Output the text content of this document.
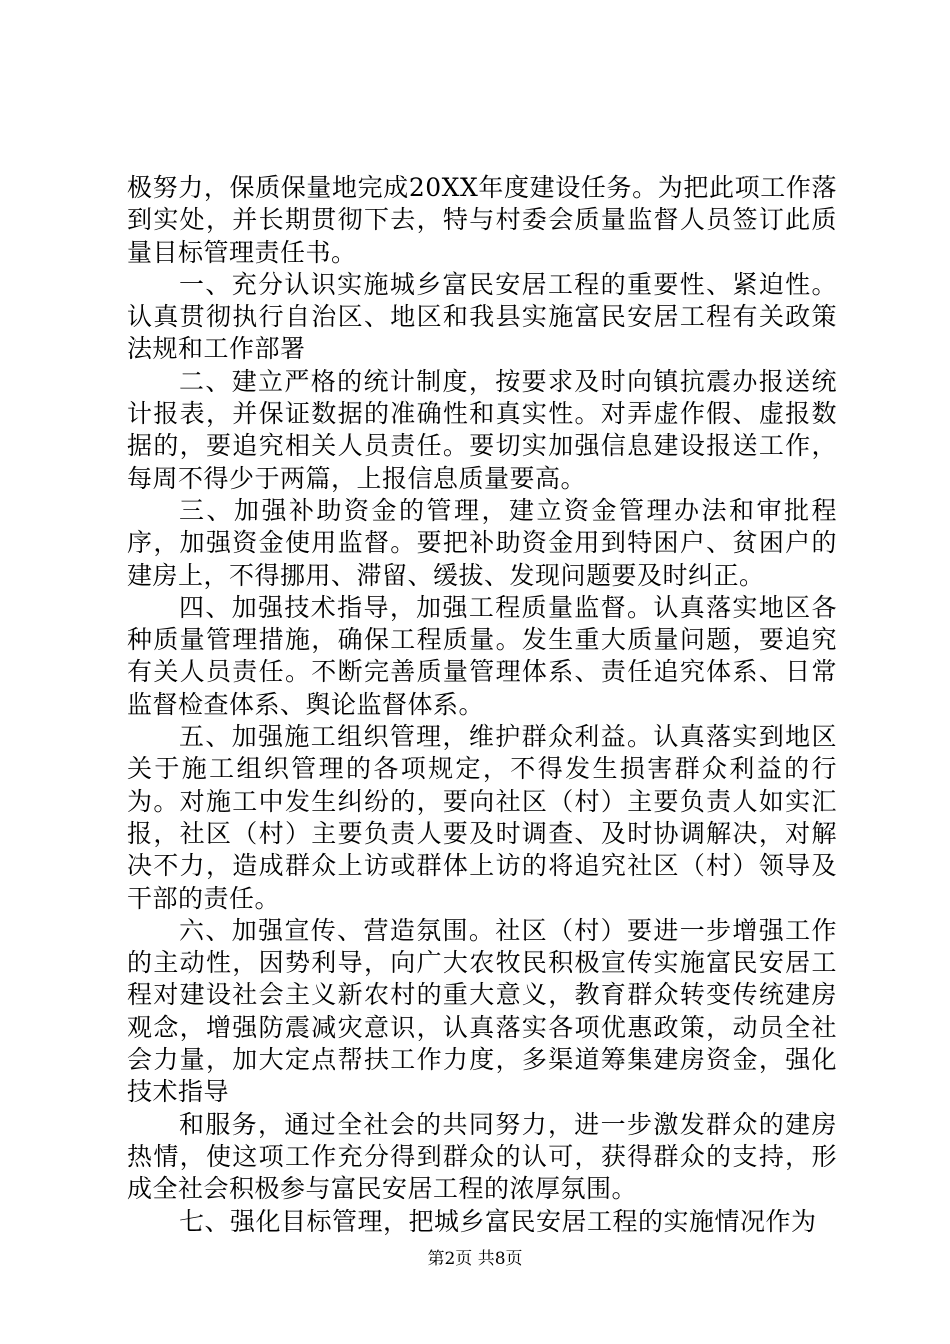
极努力，保质保量地完成20XX年度建设任务。为把此项工作落到实处，并长期贯彻下去，特与村委会质量监督人员签订此质量目标管理责任书。

一、充分认识实施城乡富民安居工程的重要性、紧迫性。认真贯彻执行自治区、地区和我县实施富民安居工程有关政策法规和工作部署

二、建立严格的统计制度，按要求及时向镇抗震办报送统计报表，并保证数据的准确性和真实性。对弄虚作假、虚报数据的，要追究相关人员责任。要切实加强信息建设报送工作，每周不得少于两篇，上报信息质量要高。

三、加强补助资金的管理，建立资金管理办法和审批程序，加强资金使用监督。要把补助资金用到特困户、贫困户的建房上，不得挪用、滞留、缓拔、发现问题要及时纠正。

四、加强技术指导，加强工程质量监督。认真落实地区各种质量管理措施，确保工程质量。发生重大质量问题，要追究有关人员责任。不断完善质量管理体系、责任追究体系、日常监督检查体系、舆论监督体系。

五、加强施工组织管理，维护群众利益。认真落实到地区关于施工组织管理的各项规定，不得发生损害群众利益的行为。对施工中发生纠纷的，要向社区（村）主要负责人如实汇报，社区（村）主要负责人要及时调查、及时协调解决，对解决不力，造成群众上访或群体上访的将追究社区（村）领导及干部的责任。

六、加强宣传、营造氛围。社区（村）要进一步增强工作的主动性，因势利导，向广大农牧民积极宣传实施富民安居工程对建设社会主义新农村的重大意义，教育群众转变传统建房观念，增强防震减灾意识，认真落实各项优惠政策，动员全社会力量，加大定点帮扶工作力度，多渠道筹集建房资金，强化技术指导

和服务，通过全社会的共同努力，进一步激发群众的建房热情，使这项工作充分得到群众的认可，获得群众的支持，形成全社会积极参与富民安居工程的浓厚氛围。

七、强化目标管理，把城乡富民安居工程的实施情况作为

第2页 共8页
